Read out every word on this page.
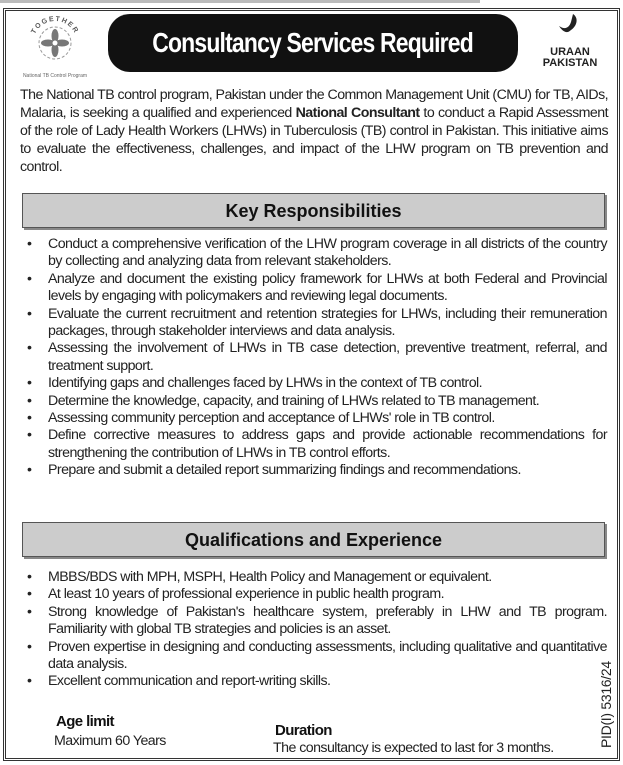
TOGETHER
National TB Control Program
Consultancy Services Required	URAAN
PAKISTAN

The National TB control program, Pakistan under the Common Management Unit (CMU) for TB, AIDs, Malaria, is seeking a qualified and experienced National Consultant to conduct a Rapid Assessment of the role of Lady Health Workers (LHWs) in Tuberculosis (TB) control in Pakistan. This initiative aims to evaluate the effectiveness, challenges, and impact of the LHW program on TB prevention and control.

Key Responsibilities
• Conduct a comprehensive verification of the LHW program coverage in all districts of the country by collecting and analyzing data from relevant stakeholders.
• Analyze and document the existing policy framework for LHWs at both Federal and Provincial levels by engaging with policymakers and reviewing legal documents.
• Evaluate the current recruitment and retention strategies for LHWs, including their remuneration packages, through stakeholder interviews and data analysis.
• Assessing the involvement of LHWs in TB case detection, preventive treatment, referral, and treatment support.
• Identifying gaps and challenges faced by LHWs in the context of TB control.
• Determine the knowledge, capacity, and training of LHWs related to TB management.
• Assessing community perception and acceptance of LHWs' role in TB control.
• Define corrective measures to address gaps and provide actionable recommendations for strengthening the contribution of LHWs in TB control efforts.
• Prepare and submit a detailed report summarizing findings and recommendations.
Qualifications and Experience
• MBBS/BDS with MPH, MSPH, Health Policy and Management or equivalent.
• At least 10 years of professional experience in public health program.
• Strong knowledge of Pakistan's healthcare system, preferably in LHW and TB program. Familiarity with global TB strategies and policies is an asset.
• Proven expertise in designing and conducting assessments, including qualitative and quantitative data analysis.
• Excellent communication and report-writing skills.
Age limit
Maximum 60 Years
Duration
The consultancy is expected to last for 3 months.	PID(I) 5316/24
